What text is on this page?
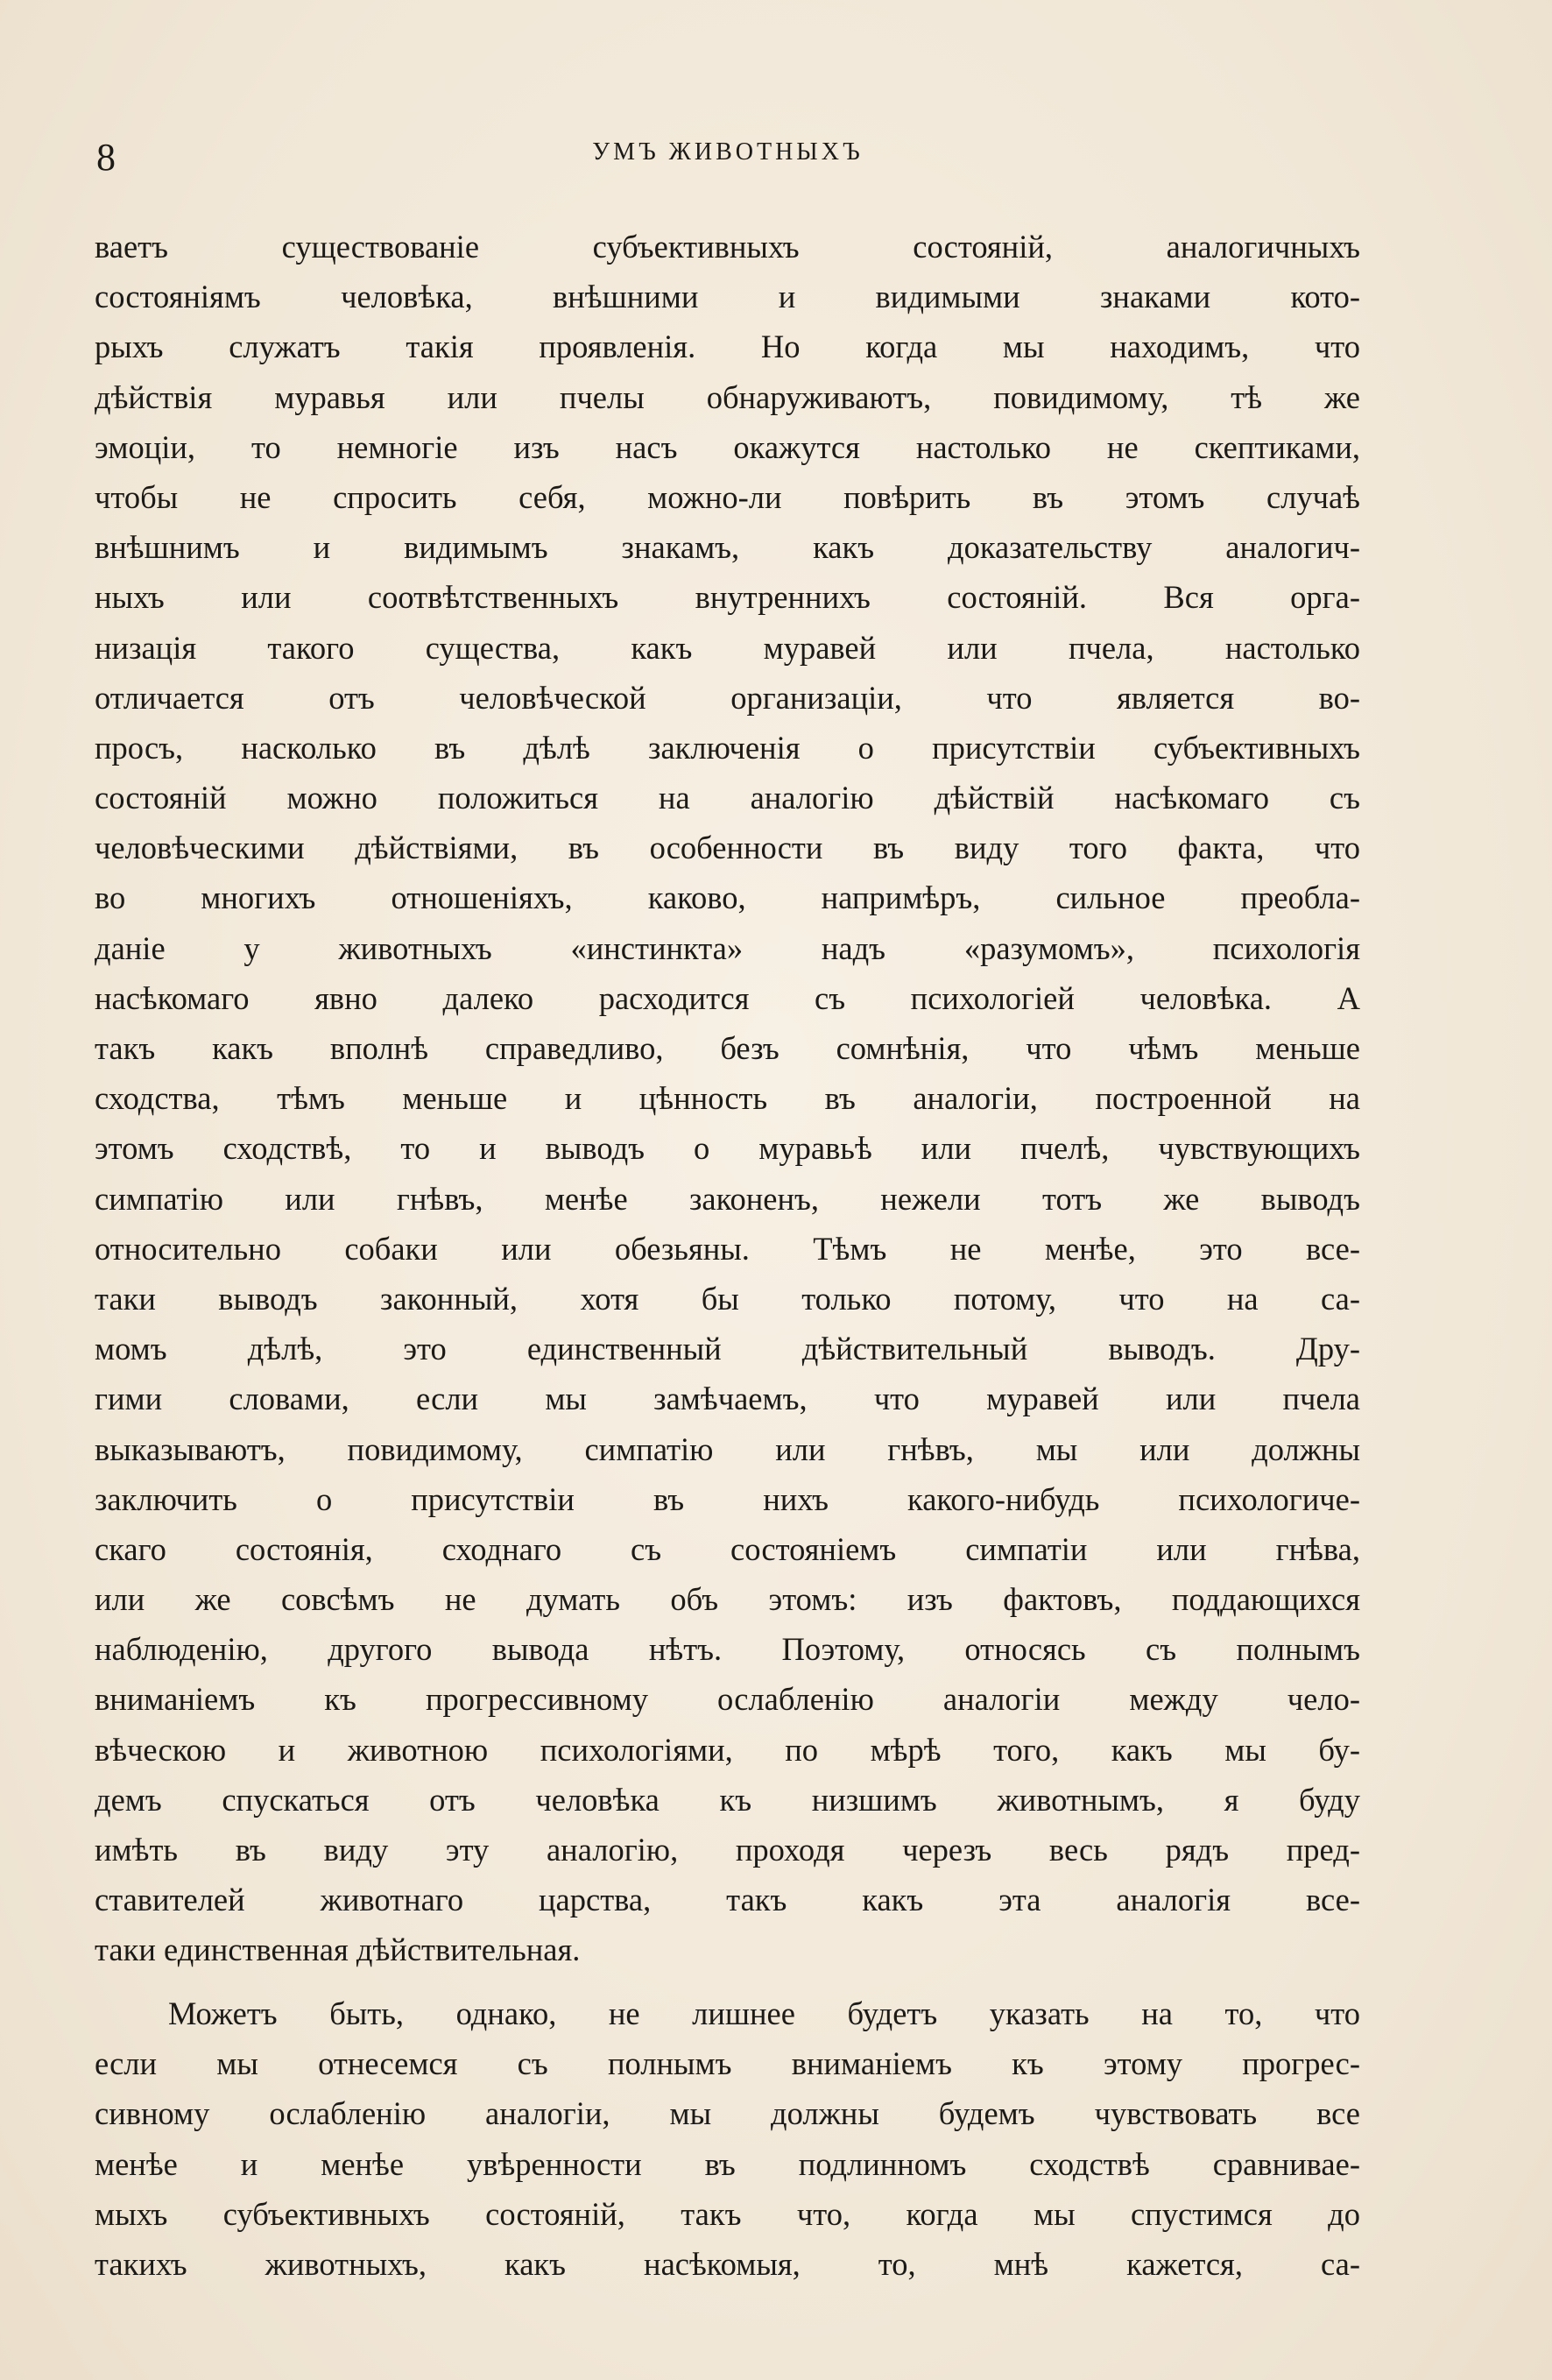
8	УМЪ ЖИВОТНЫХЪ
ваетъ существованіе субъективныхъ состояній, аналогичныхъ
состояніямъ человѣка, внѣшними и видимыми знаками кото-
рыхъ служатъ такія проявленія. Но когда мы находимъ, что
дѣйствія муравья или пчелы обнаруживаютъ, повидимому, тѣ же
эмоціи, то немногіе изъ насъ окажутся настолько не скептиками,
чтобы не спросить себя, можно-ли повѣрить въ этомъ случаѣ
внѣшнимъ и видимымъ знакамъ, какъ доказательству аналогич-
ныхъ или соотвѣтственныхъ внутреннихъ состояній. Вся орга-
низація такого существа, какъ муравей или пчела, настолько
отличается отъ человѣческой организаціи, что является во-
просъ, насколько въ дѣлѣ заключенія о присутствіи субъективныхъ
состояній можно положиться на аналогію дѣйствій насѣкомаго съ
человѣческими дѣйствіями, въ особенности въ виду того факта, что
во многихъ отношеніяхъ, каково, напримѣръ, сильное преобла-
даніе у животныхъ «инстинкта» надъ «разумомъ», психологія
насѣкомаго явно далеко расходится съ психологіей человѣка. А
такъ какъ вполнѣ справедливо, безъ сомнѣнія, что чѣмъ меньше
сходства, тѣмъ меньше и цѣнность въ аналогіи, построенной на
этомъ сходствѣ, то и выводъ о муравьѣ или пчелѣ, чувствующихъ
симпатію или гнѣвъ, менѣе законенъ, нежели тотъ же выводъ
относительно собаки или обезьяны. Тѣмъ не менѣе, это все-
таки выводъ законный, хотя бы только потому, что на са-
момъ дѣлѣ, это единственный дѣйствительный выводъ. Дру-
гими словами, если мы замѣчаемъ, что муравей или пчела
выказываютъ, повидимому, симпатію или гнѣвъ, мы или должны
заключить о присутствіи въ нихъ какого-нибудь психологиче-
скаго состоянія, сходнаго съ состояніемъ симпатіи или гнѣва,
или же совсѣмъ не думать объ этомъ: изъ фактовъ, поддающихся
наблюденію, другого вывода нѣтъ. Поэтому, относясь съ полнымъ
вниманіемъ къ прогрессивному ослабленію аналогіи между чело-
вѣческою и животною психологіями, по мѣрѣ того, какъ мы бу-
демъ спускаться отъ человѣка къ низшимъ животнымъ, я буду
имѣть въ виду эту аналогію, проходя черезъ весь рядъ пред-
ставителей животнаго царства, такъ какъ эта аналогія все-
таки единственная дѣйствительная.
Можетъ быть, однако, не лишнее будетъ указать на то, что
если мы отнесемся съ полнымъ вниманіемъ къ этому прогрес-
сивному ослабленію аналогіи, мы должны будемъ чувствовать все
менѣе и менѣе увѣренности въ подлинномъ сходствѣ сравнивае-
мыхъ субъективныхъ состояній, такъ что, когда мы спустимся до
такихъ животныхъ, какъ насѣкомыя, то, мнѣ кажется, са-
